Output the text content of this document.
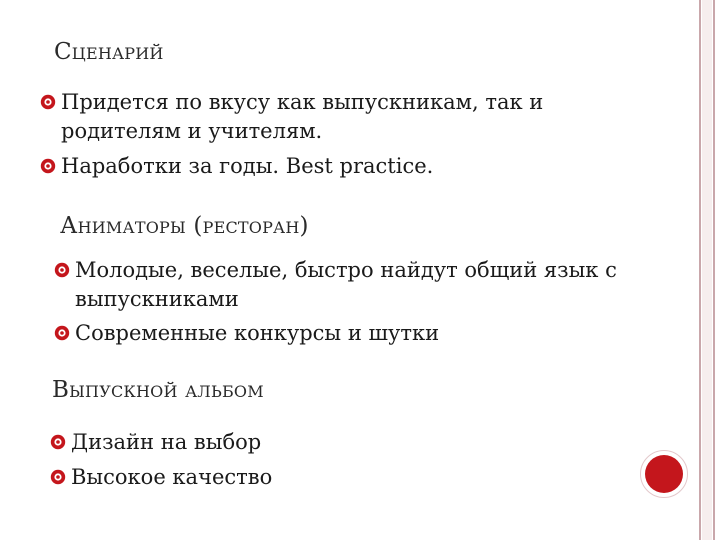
Сценарий
Придется по вкусу как выпускникам, так и
родителям и учителям.
Наработки за годы. Best practice.
Аниматоры (ресторан)
Молодые, веселые, быстро найдут общий язык с
выпускниками
Современные конкурсы и шутки
Выпускной альбом
Дизайн на выбор
Высокое качество
